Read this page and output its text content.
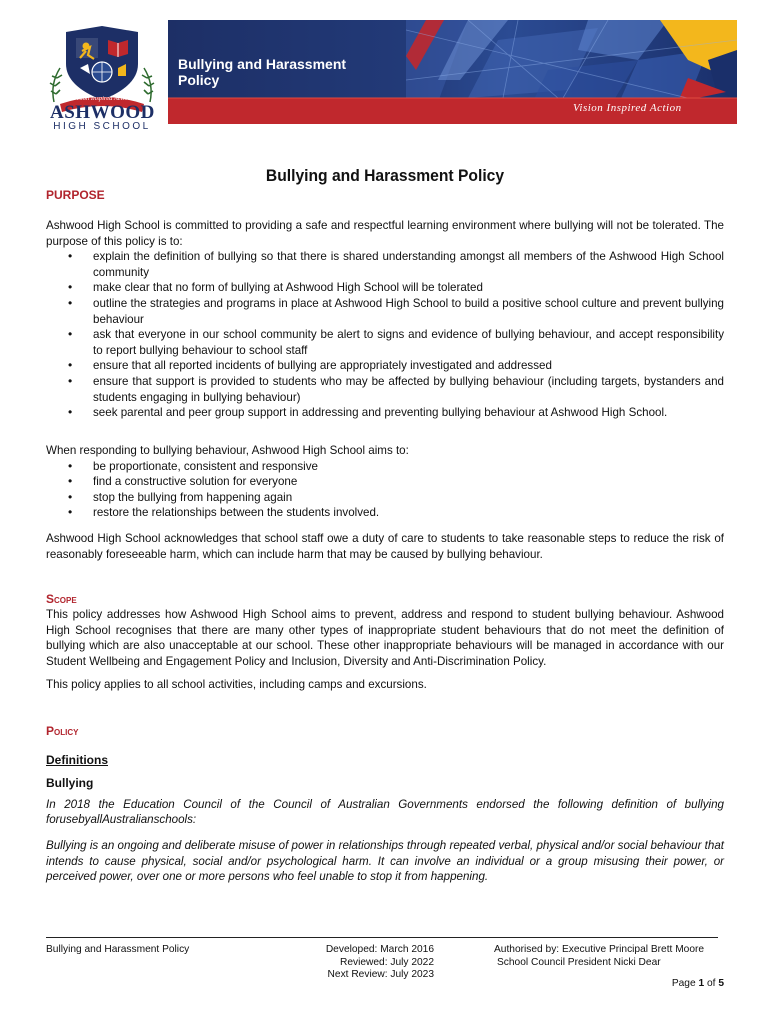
Vision Inspired Action
ASHWOOD
HIGH SCHOOL
Bullying and Harassment Policy
Vision Inspired Action
Bullying and Harassment Policy
PURPOSE
Ashwood High School is committed to providing a safe and respectful learning environment where bullying will not be tolerated. The purpose of this policy is to:
• explain the definition of bullying so that there is shared understanding amongst all members of the Ashwood High School community
• make clear that no form of bullying at Ashwood High School will be tolerated
• outline the strategies and programs in place at Ashwood High School to build a positive school culture and prevent bullying behaviour
• ask that everyone in our school community be alert to signs and evidence of bullying behaviour, and accept responsibility to report bullying behaviour to school staff
• ensure that all reported incidents of bullying are appropriately investigated and addressed
• ensure that support is provided to students who may be affected by bullying behaviour (including targets, bystanders and students engaging in bullying behaviour)
• seek parental and peer group support in addressing and preventing bullying behaviour at Ashwood High School.
When responding to bullying behaviour, Ashwood High School aims to:
• be proportionate, consistent and responsive
• find a constructive solution for everyone
• stop the bullying from happening again
• restore the relationships between the students involved.
Ashwood High School acknowledges that school staff owe a duty of care to students to take reasonable steps to reduce the risk of reasonably foreseeable harm, which can include harm that may be caused by bullying behaviour.
Scope
This policy addresses how Ashwood High School aims to prevent, address and respond to student bullying behaviour. Ashwood High School recognises that there are many other types of inappropriate student behaviours that do not meet the definition of bullying which are also unacceptable at our school. These other inappropriate behaviours will be managed in accordance with our Student Wellbeing and Engagement Policy and Inclusion, Diversity and Anti-Discrimination Policy.
This policy applies to all school activities, including camps and excursions.
Policy
Definitions
Bullying
In 2018 the Education Council of the Council of Australian Governments endorsed the following definition of bullying
forusebyallAustralianschools:
Bullying is an ongoing and deliberate misuse of power in relationships through repeated verbal, physical and/or social behaviour that intends to cause physical, social and/or psychological harm. It can involve an individual or a group misusing their power, or perceived power, over one or more persons who feel unable to stop it from happening.
Bullying and Harassment Policy	Developed: March 2016
Reviewed: July 2022
Next Review: July 2023
Authorised by: Executive Principal Brett Moore
School Council President Nicki Dear
Page 1 of 5
